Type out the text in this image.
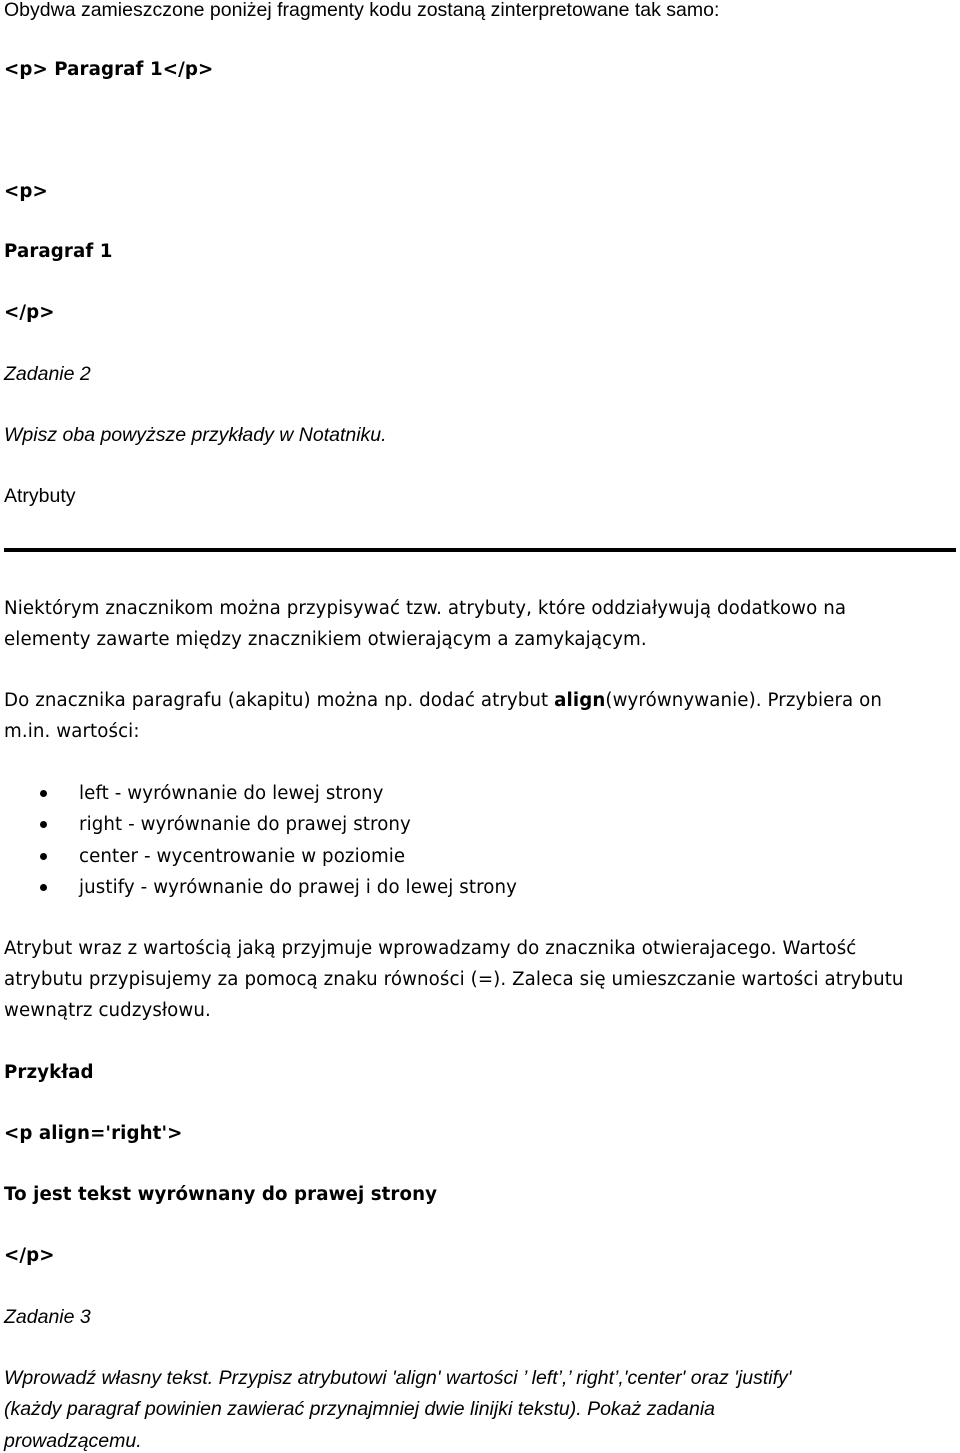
Obydwa zamieszczone poniżej fragmenty kodu zostaną zinterpretowane tak samo:

<p> Paragraf 1</p>

<p>

Paragraf 1

</p>

Zadanie 2

Wpisz oba powyższe przykłady w Notatniku.

Atrybuty

Niektórym znacznikom można przypisywać tzw. atrybuty, które oddziaływują dodatkowo na

elementy zawarte między znacznikiem otwierającym a zamykającym.

Do znacznika paragrafu (akapitu) można np. dodać atrybut align(wyrównywanie). Przybiera on

m.in. wartości:

left - wyrównanie do lewej strony
right - wyrównanie do prawej strony
center - wycentrowanie w poziomie
justify - wyrównanie do prawej i do lewej strony

Atrybut wraz z wartością jaką przyjmuje wprowadzamy do znacznika otwierajacego. Wartość

atrybutu przypisujemy za pomocą znaku równości (=). Zaleca się umieszczanie wartości atrybutu

wewnątrz cudzysłowu.

Przykład

<p align='right'>

To jest tekst wyrównany do prawej strony

</p>

Zadanie 3

Wprowadź własny tekst. Przypisz atrybutowi 'align' wartości ’ left’,’ right’,'center' oraz 'justify'

(każdy paragraf powinien zawierać przynajmniej dwie linijki tekstu). Pokaż zadania

prowadzącemu.
